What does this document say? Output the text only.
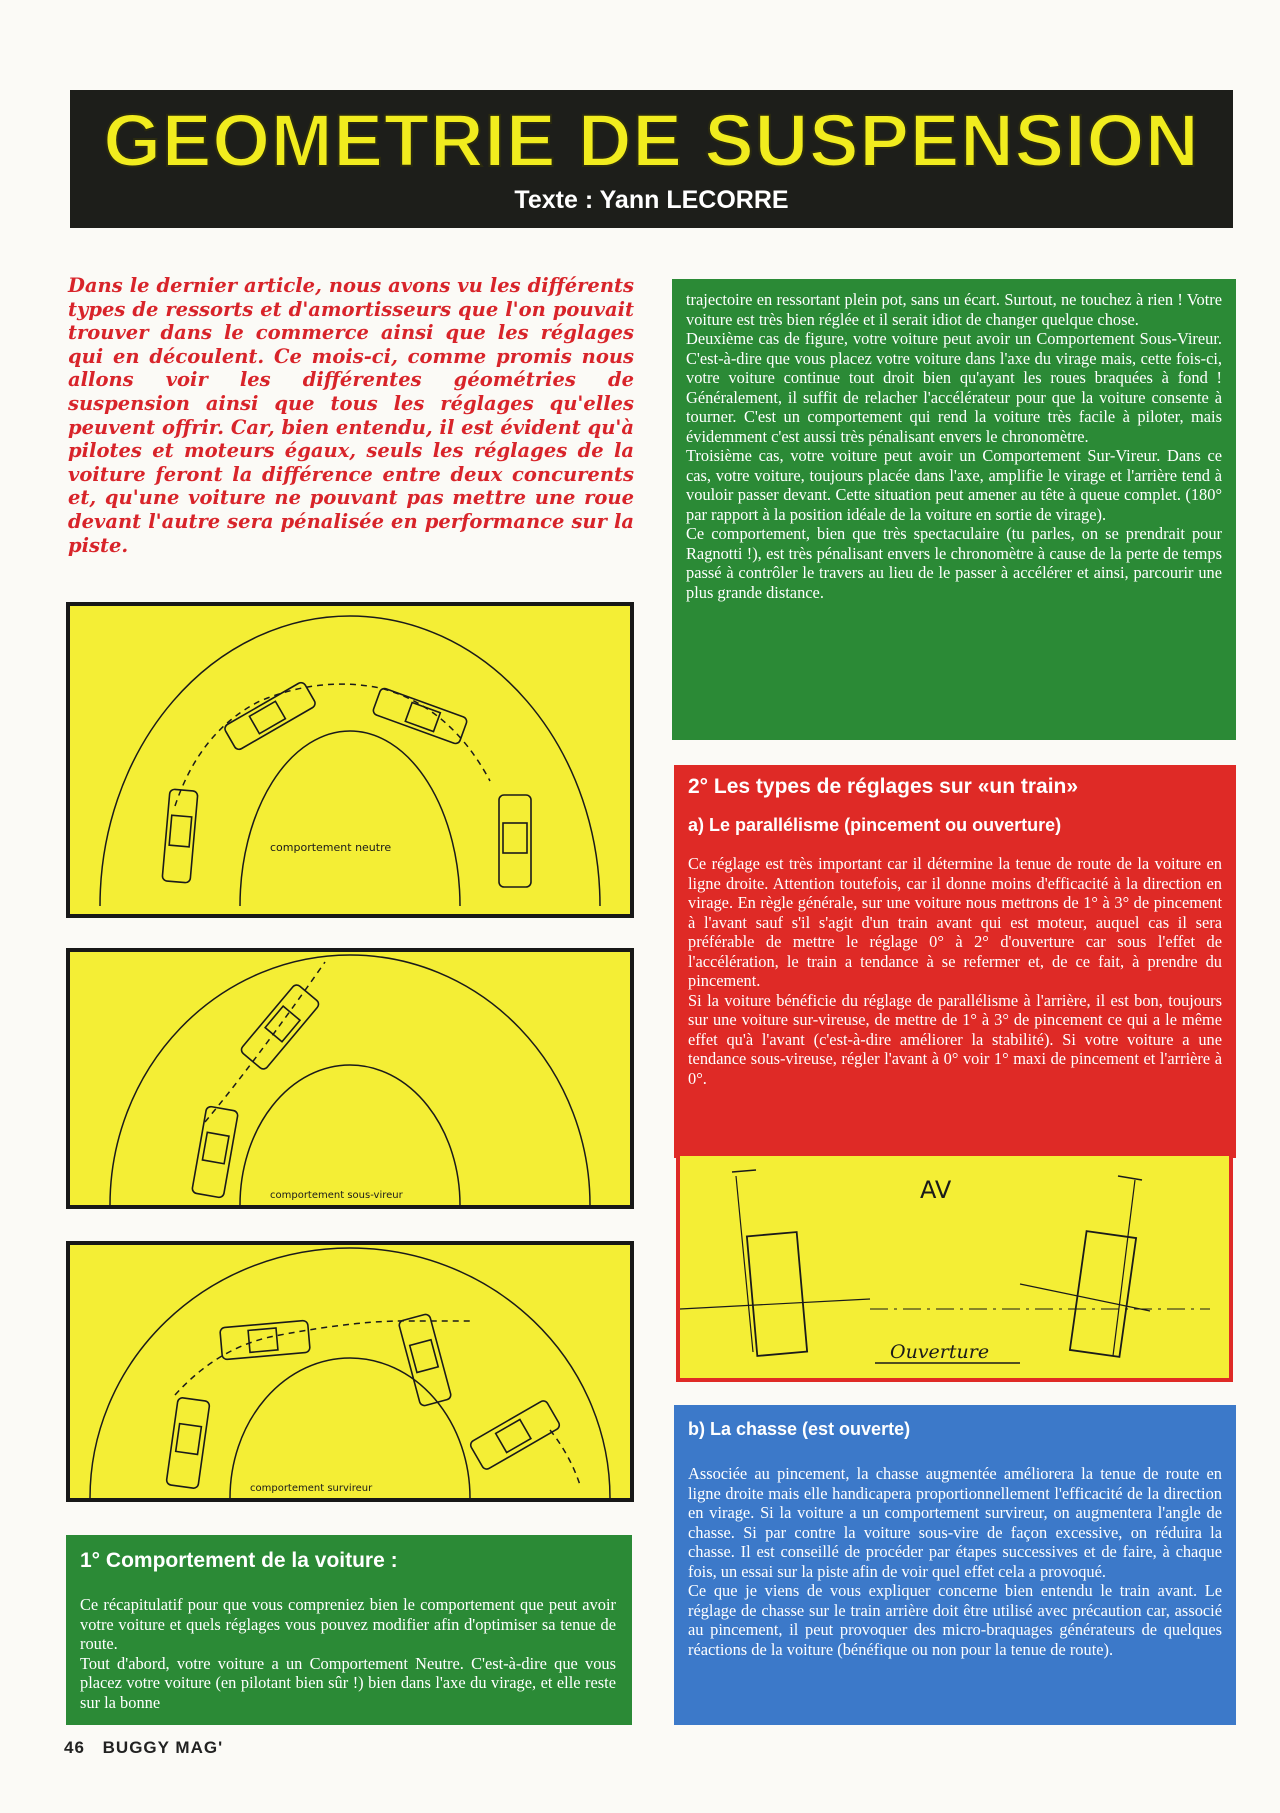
GEOMETRIE DE SUSPENSION
Texte : Yann LECORRE

Dans le dernier article, nous avons vu les différents types de ressorts et d'amortisseurs que l'on pouvait trouver dans le commerce ainsi que les réglages qui en découlent. Ce mois-ci, comme promis nous allons voir les différentes géométries de suspension ainsi que tous les réglages qu'elles peuvent offrir. Car, bien entendu, il est évident qu'à pilotes et moteurs égaux, seuls les réglages de la voiture feront la différence entre deux concurents et, qu'une voiture ne pouvant pas mettre une roue devant l'autre sera pénalisée en performance sur la piste.

comportement neutre
comportement sous-vireur
comportement survireur
1° Comportement de la voiture :

Ce récapitulatif pour que vous compreniez bien le comportement que peut avoir votre voiture et quels réglages vous pouvez modifier afin d'optimiser sa tenue de route.

Tout d'abord, votre voiture a un Comportement Neutre. C'est-à-dire que vous placez votre voiture (en pilotant bien sûr !) bien dans l'axe du virage, et elle reste sur la bonne

trajectoire en ressortant plein pot, sans un écart. Surtout, ne touchez à rien ! Votre voiture est très bien réglée et il serait idiot de changer quelque chose.

Deuxième cas de figure, votre voiture peut avoir un Comportement Sous-Vireur. C'est-à-dire que vous placez votre voiture dans l'axe du virage mais, cette fois-ci, votre voiture continue tout droit bien qu'ayant les roues braquées à fond ! Généralement, il suffit de relacher l'accélérateur pour que la voiture consente à tourner. C'est un comportement qui rend la voiture très facile à piloter, mais évidemment c'est aussi très pénalisant envers le chronomètre.

Troisième cas, votre voiture peut avoir un Comportement Sur-Vireur. Dans ce cas, votre voiture, toujours placée dans l'axe, amplifie le virage et l'arrière tend à vouloir passer devant. Cette situation peut amener au tête à queue complet. (180° par rapport à la position idéale de la voiture en sortie de virage).

Ce comportement, bien que très spectaculaire (tu parles, on se prendrait pour Ragnotti !), est très pénalisant envers le chronomètre à cause de la perte de temps passé à contrôler le travers au lieu de le passer à accélérer et ainsi, parcourir une plus grande distance.

2° Les types de réglages sur «un train»
a) Le parallélisme (pincement ou ouverture)

Ce réglage est très important car il détermine la tenue de route de la voiture en ligne droite. Attention toutefois, car il donne moins d'efficacité à la direction en virage. En règle générale, sur une voiture nous mettrons de 1° à 3° de pincement à l'avant sauf s'il s'agit d'un train avant qui est moteur, auquel cas il sera préférable de mettre le réglage 0° à 2° d'ouverture car sous l'effet de l'accélération, le train a tendance à se refermer et, de ce fait, à prendre du pincement.

Si la voiture bénéficie du réglage de parallélisme à l'arrière, il est bon, toujours sur une voiture sur-vireuse, de mettre de 1° à 3° de pincement ce qui a le même effet qu'à l'avant (c'est-à-dire améliorer la stabilité). Si votre voiture a une tendance sous-vireuse, régler l'avant à 0° voir 1° maxi de pincement et l'arrière à 0°.

AV
Ouverture
b) La chasse (est ouverte)

Associée au pincement, la chasse augmentée améliorera la tenue de route en ligne droite mais elle handicapera proportionnellement l'efficacité de la direction en virage. Si la voiture a un comportement survireur, on augmentera l'angle de chasse. Si par contre la voiture sous-vire de façon excessive, on réduira la chasse. Il est conseillé de procéder par étapes successives et de faire, à chaque fois, un essai sur la piste afin de voir quel effet cela a provoqué.

Ce que je viens de vous expliquer concerne bien entendu le train avant. Le réglage de chasse sur le train arrière doit être utilisé avec précaution car, associé au pincement, il peut provoquer des micro-braquages générateurs de quelques réactions de la voiture (bénéfique ou non pour la tenue de route).

46 BUGGY MAG'
